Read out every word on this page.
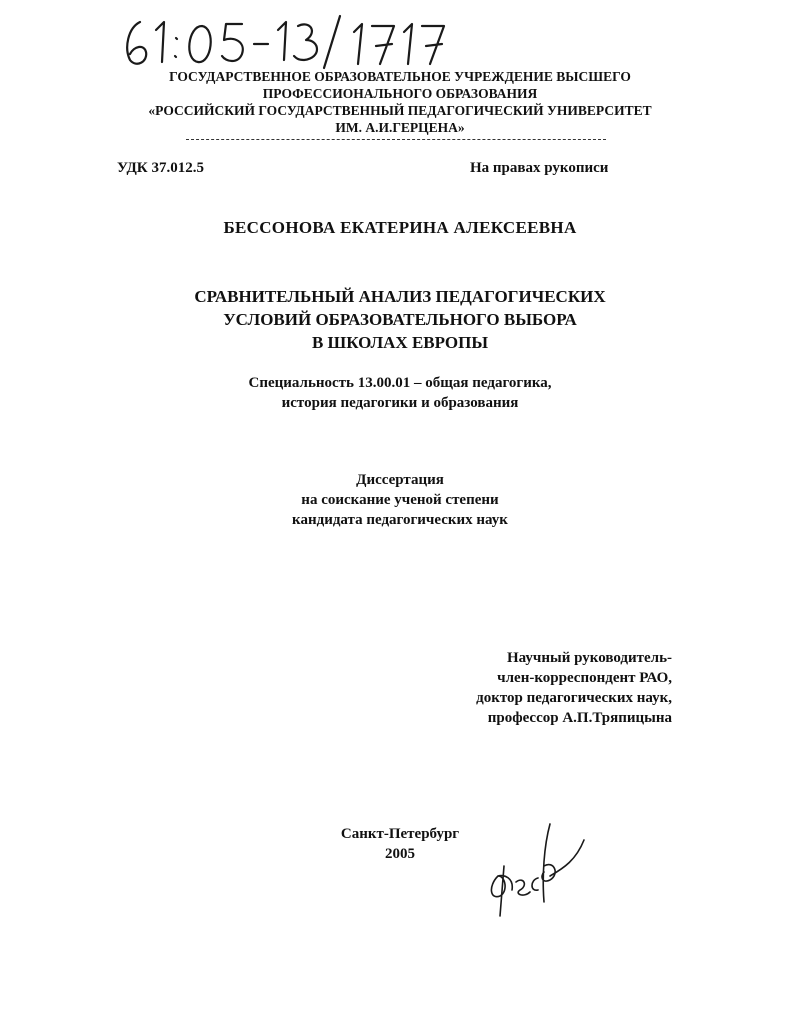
ГОСУДАРСТВЕННОЕ ОБРАЗОВАТЕЛЬНОЕ УЧРЕЖДЕНИЕ ВЫСШЕГО
ПРОФЕССИОНАЛЬНОГО ОБРАЗОВАНИЯ
«РОССИЙСКИЙ ГОСУДАРСТВЕННЫЙ ПЕДАГОГИЧЕСКИЙ УНИВЕРСИТЕТ
ИМ. А.И.ГЕРЦЕНА»
УДК 37.012.5	На правах рукописи
БЕССОНОВА ЕКАТЕРИНА АЛЕКСЕЕВНА
СРАВНИТЕЛЬНЫЙ АНАЛИЗ ПЕДАГОГИЧЕСКИХ
УСЛОВИЙ ОБРАЗОВАТЕЛЬНОГО ВЫБОРА
В ШКОЛАХ ЕВРОПЫ
Специальность 13.00.01 – общая педагогика,
история педагогики и образования
Диссертация
на соискание ученой степени
кандидата педагогических наук
Научный руководитель-
член-корреспондент РАО,
доктор педагогических наук,
профессор А.П.Тряпицына
Санкт-Петербург
2005
